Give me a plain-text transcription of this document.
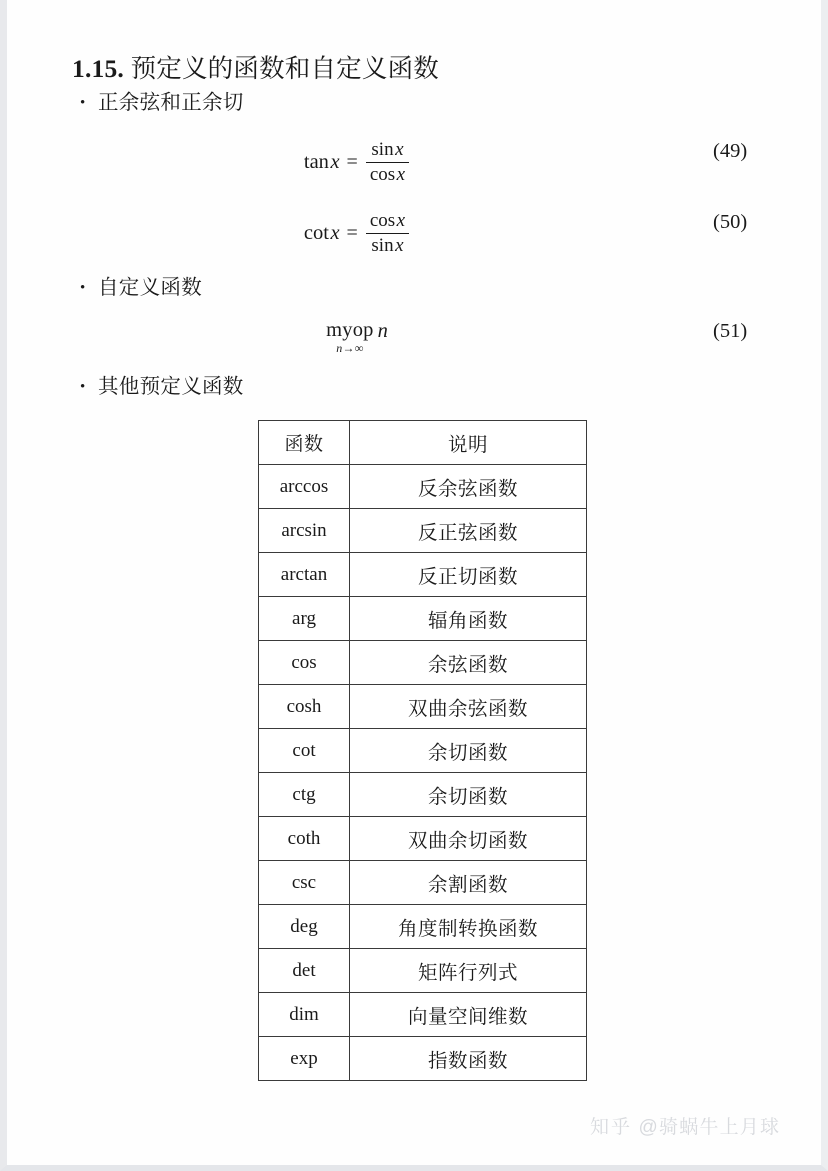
1.15. 预定义的函数和自定义函数
• 正余弦和正余切
$\tan x = \frac{\sin x}{\cos x}$	(49)
$\cot x = \frac{\cos x}{\sin x}$	(50)
• 自定义函数
myop
n→∞
n	(51)
• 其他预定义函数
函数	说明
arccos	反余弦函数
arcsin	反正弦函数
arctan	反正切函数
arg	辐角函数
cos	余弦函数
cosh	双曲余弦函数
cot	余切函数
ctg	余切函数
coth	双曲余切函数
csc	余割函数
deg	角度制转换函数
det	矩阵行列式
dim	向量空间维数
exp	指数函数
知乎 @骑蜗牛上月球
